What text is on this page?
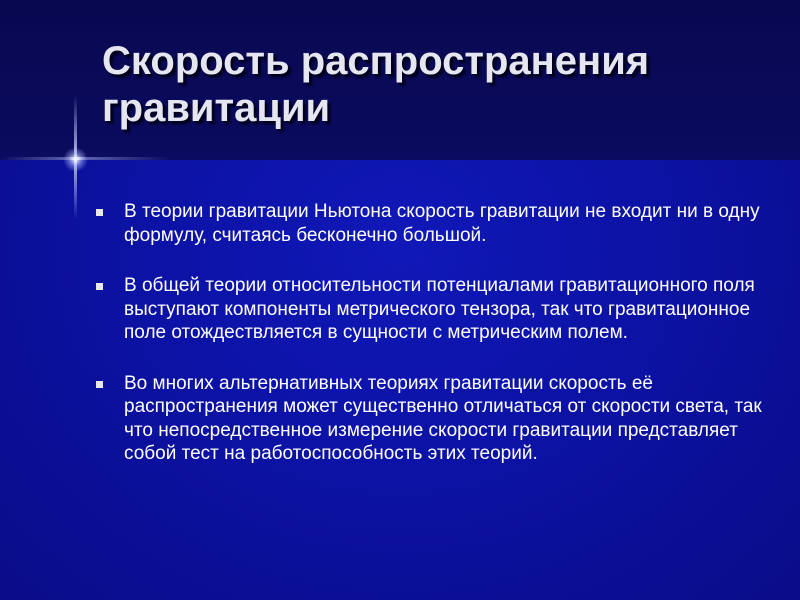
Скорость распространения гравитации
В теории гравитации Ньютона скорость гравитации не входит ни в одну формулу, считаясь бесконечно большой.
В общей теории относительности потенциалами гравитационного поля выступают компоненты метрического тензора, так что гравитационное поле отождествляется в сущности с метрическим полем.
Во многих альтернативных теориях гравитации скорость её распространения может существенно отличаться от скорости света, так что непосредственное измерение скорости гравитации представляет собой тест на работоспособность этих теорий.
